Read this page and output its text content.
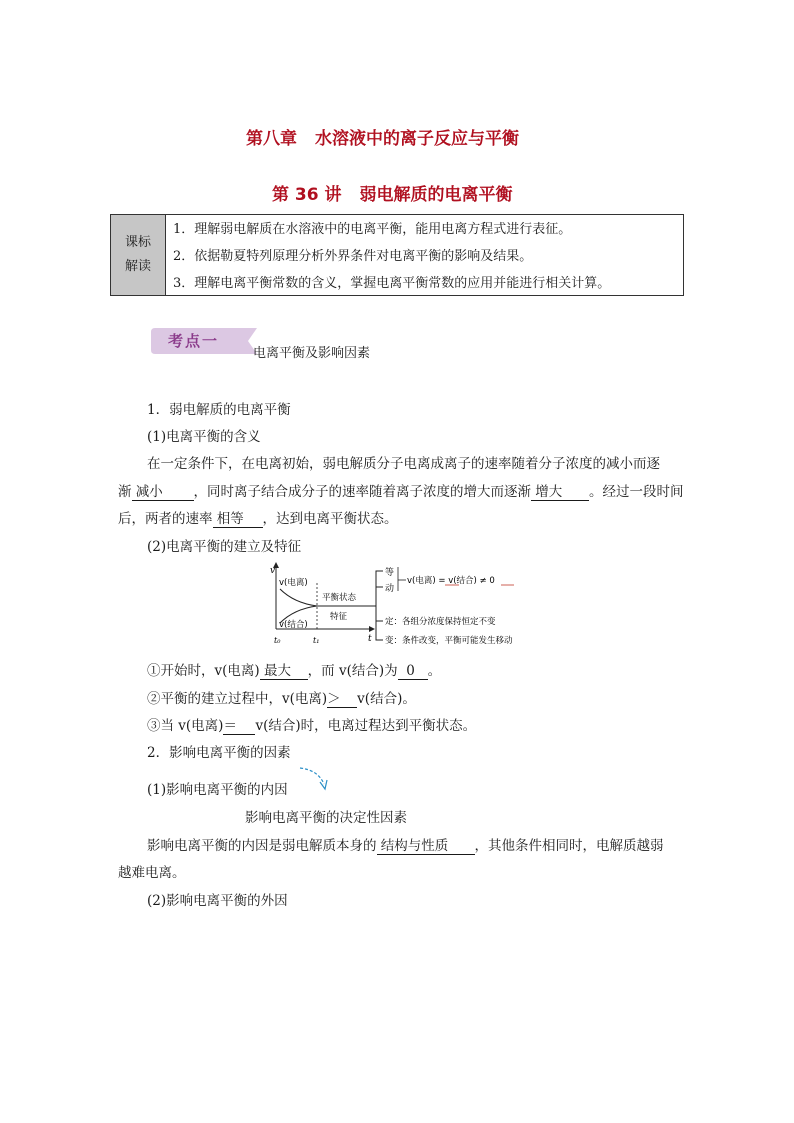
第八章 水溶液中的离子反应与平衡
第 36 讲 弱电解质的电离平衡
课标
解读
1．理解弱电解质在水溶液中的电离平衡，能用电离方程式进行表征。
2．依据勒夏特列原理分析外界条件对电离平衡的影响及结果。
3．理解电离平衡常数的含义，掌握电离平衡常数的应用并能进行相关计算。
考点一
电离平衡及影响因素
1．弱电解质的电离平衡
(1)电离平衡的含义
在一定条件下，在电离初始，弱电解质分子电离成离子的速率随着分子浓度的减小而逐
渐 减小 ，同时离子结合成分子的速率随着离子浓度的增大而逐渐 增大 。经过一段时间
后，两者的速率 相等 ，达到电离平衡状态。
(2)电离平衡的建立及特征
v
t
t₀	t₁
v(电离)
v(结合)
平衡状态
特征
等
动
v(电离) = v(结合) ≠ 0
定：各组分浓度保持恒定不变
变：条件改变，平衡可能发生移动
①开始时，v(电离) 最大 ，而 v(结合)为 0 。
②平衡的建立过程中，v(电离)＞ v(结合)。
③当 v(电离)＝ v(结合)时，电离过程达到平衡状态。
2．影响电离平衡的因素
(1)影响电离平衡的内因
影响电离平衡的决定性因素
影响电离平衡的内因是弱电解质本身的 结构与性质 ，其他条件相同时，电解质越弱
越难电离。
(2)影响电离平衡的外因
